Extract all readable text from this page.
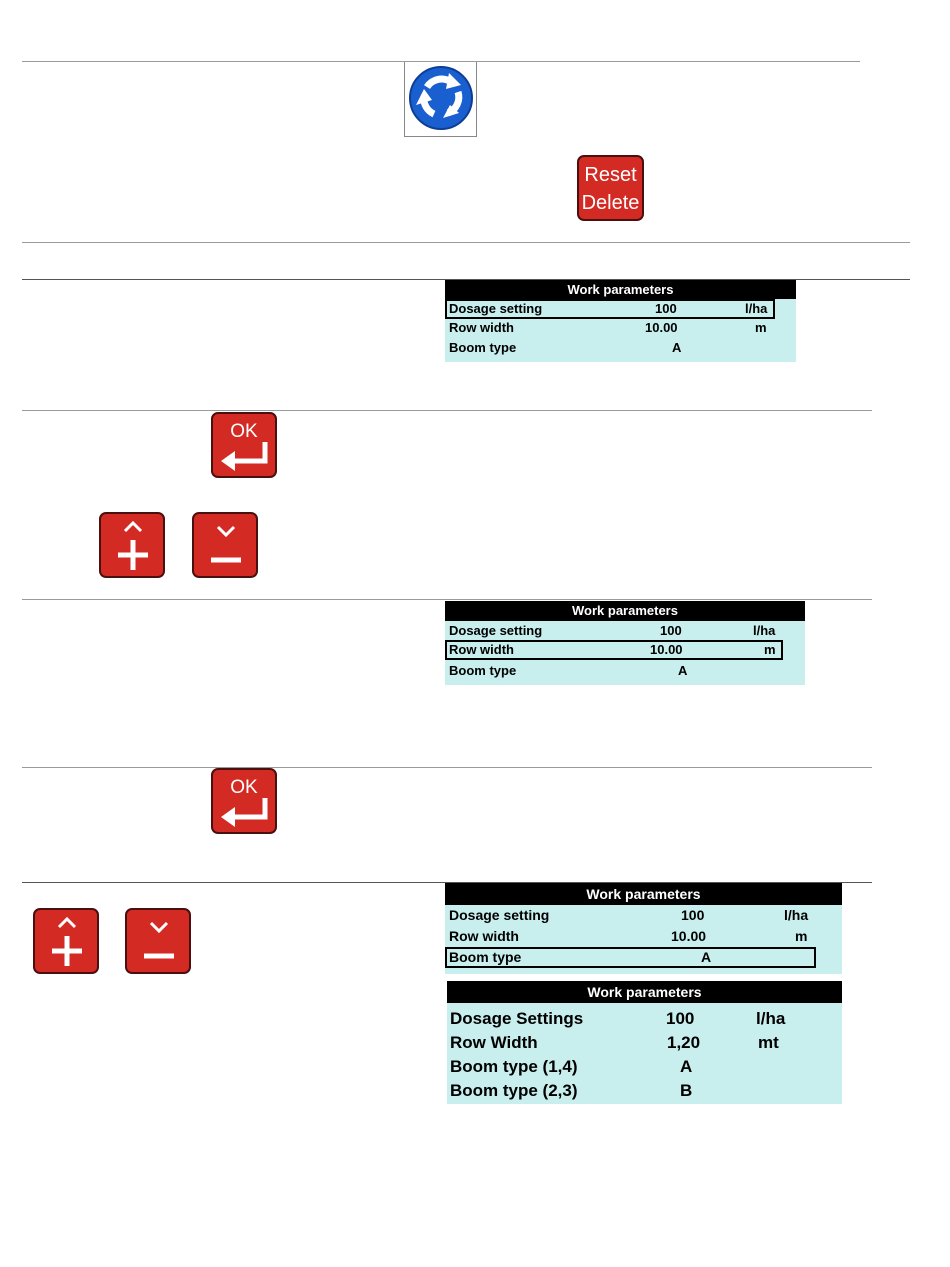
Reset
Delete
Work parameters
Dosage setting	100	l/ha
Row width	10.00	m
Boom type	A
OK
Work parameters
Dosage setting	100	l/ha
Row width	10.00	m
Boom type	A
OK
Work parameters
Dosage setting	100	l/ha
Row width	10.00	m
Boom type	A
Work parameters
Dosage Settings	100	l/ha
Row Width	1,20	mt
Boom type (1,4)	A
Boom type (2,3)	B
